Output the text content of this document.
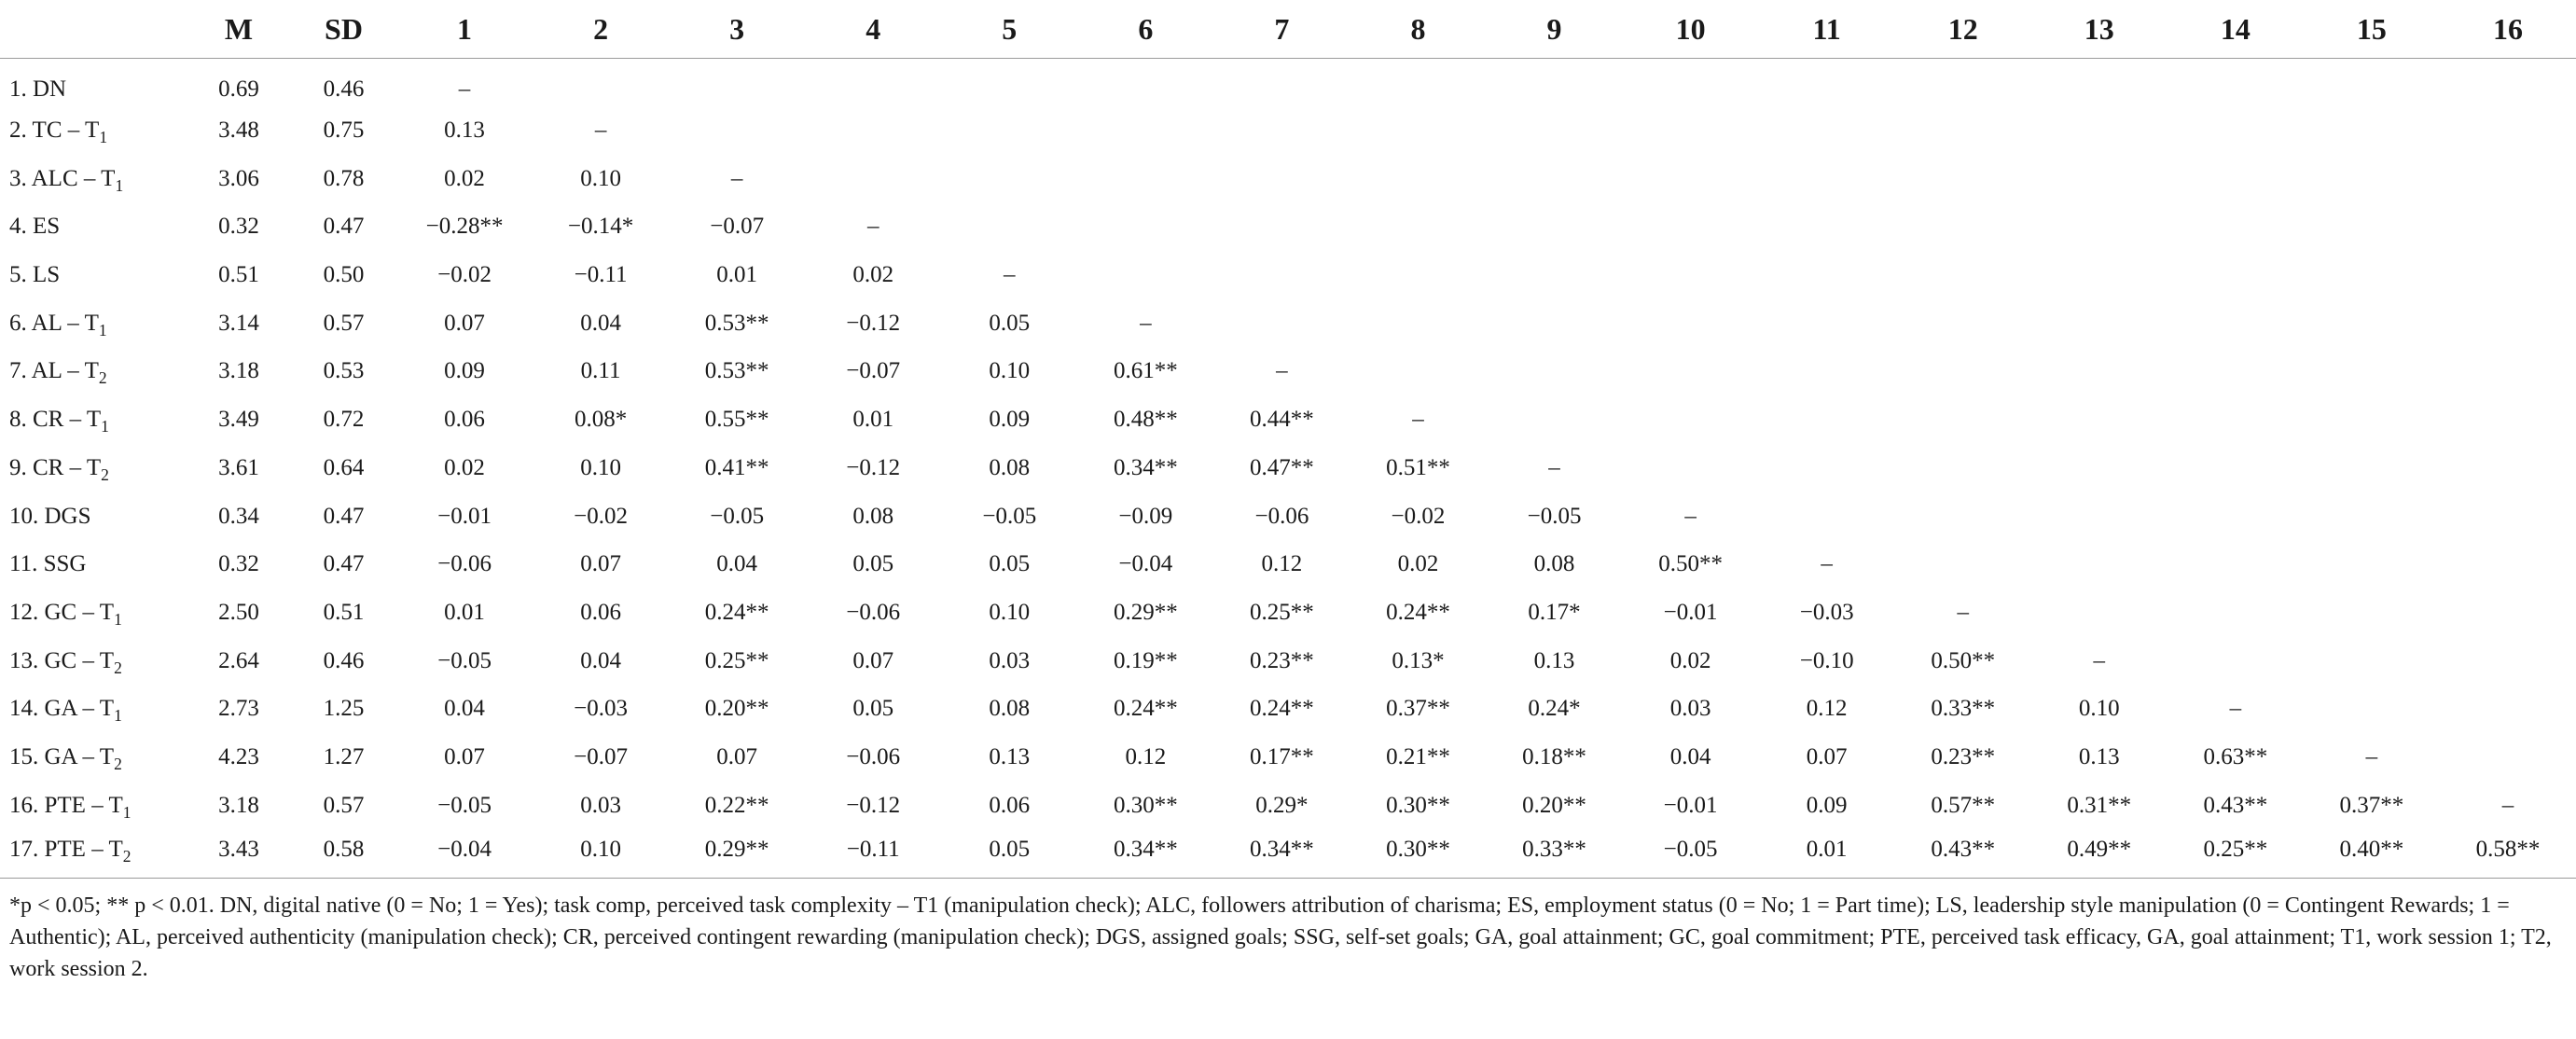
	M	SD	1	2	3	4	5	6	7	8	9	10	11	12	13	14	15	16
1. DN	0.69	0.46	–															
2. TC – $T_1$	3.48	0.75	0.13	–														
3. ALC – $T_1$	3.06	0.78	0.02	0.10	–													
4. ES	0.32	0.47	−0.28**	−0.14*	−0.07	–												
5. LS	0.51	0.50	−0.02	−0.11	0.01	0.02	–											
6. AL – $T_1$	3.14	0.57	0.07	0.04	0.53**	−0.12	0.05	–										
7. AL – $T_2$	3.18	0.53	0.09	0.11	0.53**	−0.07	0.10	0.61**	–									
8. CR – $T_1$	3.49	0.72	0.06	0.08*	0.55**	0.01	0.09	0.48**	0.44**	–								
9. CR – $T_2$	3.61	0.64	0.02	0.10	0.41**	−0.12	0.08	0.34**	0.47**	0.51**	–							
10. DGS	0.34	0.47	−0.01	−0.02	−0.05	0.08	−0.05	−0.09	−0.06	−0.02	−0.05	–						
11. SSG	0.32	0.47	−0.06	0.07	0.04	0.05	0.05	−0.04	0.12	0.02	0.08	0.50**	–					
12. GC – $T_1$	2.50	0.51	0.01	0.06	0.24**	−0.06	0.10	0.29**	0.25**	0.24**	0.17*	−0.01	−0.03	–				
13. GC – $T_2$	2.64	0.46	−0.05	0.04	0.25**	0.07	0.03	0.19**	0.23**	0.13*	0.13	0.02	−0.10	0.50**	–			
14. GA – $T_1$	2.73	1.25	0.04	−0.03	0.20**	0.05	0.08	0.24**	0.24**	0.37**	0.24*	0.03	0.12	0.33**	0.10	–		
15. GA – $T_2$	4.23	1.27	0.07	−0.07	0.07	−0.06	0.13	0.12	0.17**	0.21**	0.18**	0.04	0.07	0.23**	0.13	0.63**	–	
16. PTE – $T_1$	3.18	0.57	−0.05	0.03	0.22**	−0.12	0.06	0.30**	0.29*	0.30**	0.20**	−0.01	0.09	0.57**	0.31**	0.43**	0.37**	–
17. PTE – $T_2$	3.43	0.58	−0.04	0.10	0.29**	−0.11	0.05	0.34**	0.34**	0.30**	0.33**	−0.05	0.01	0.43**	0.49**	0.25**	0.40**	0.58**
*p < 0.05; ** p < 0.01. DN, digital native (0 = No; 1 = Yes); task comp, perceived task complexity – T1 (manipulation check); ALC, followers attribution of charisma; ES, employment status (0 = No; 1 = Part time); LS, leadership style manipulation (0 = Contingent Rewards; 1 = Authentic); AL, perceived authenticity (manipulation check); CR, perceived contingent rewarding (manipulation check); DGS, assigned goals; SSG, self-set goals; GA, goal attainment; GC, goal commitment; PTE, perceived task efficacy, GA, goal attainment; T1, work session 1; T2, work session 2.																		
